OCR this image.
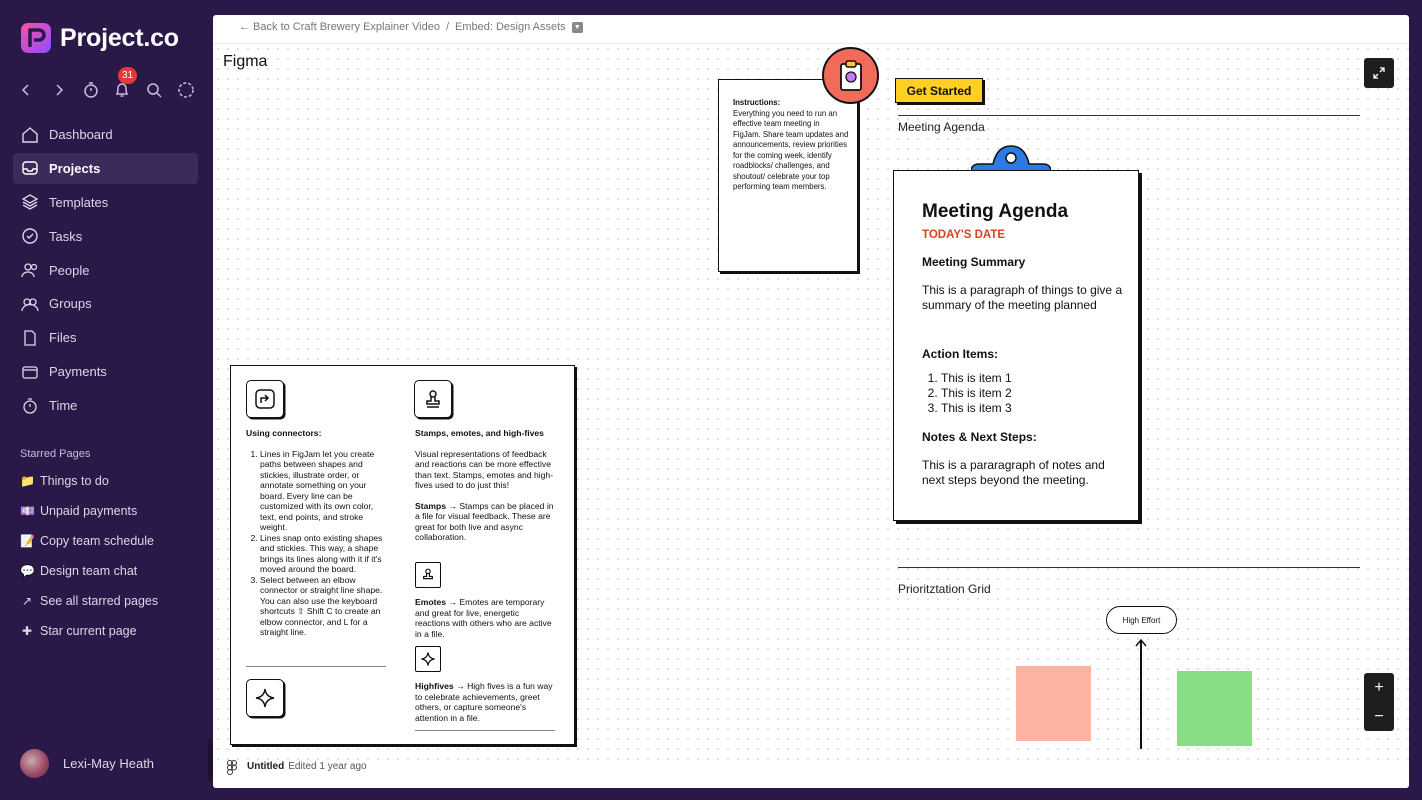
Project.co
31
Dashboard
Projects
Templates
Tasks
People
Groups
Files
Payments
Time
Starred Pages
📁 Things to do
💷 Unpaid payments
📝 Copy team schedule
💬 Design team chat
↗ See all starred pages
✚ Star current page
Lexi-May Heath
← Back to Craft Brewery Explainer Video / Embed: Design Assets ▼
Figma
Instructions:
Everything you need to run an effective team meeting in FigJam. Share team updates and announcements, review priorities for the coming week, identify roadblocks/ challenges, and shoutout/ celebrate your top performing team members.
Get Started
Meeting Agenda
Meeting Agenda
TODAY'S DATE
Meeting Summary

This is a paragraph of things to give a summary of the meeting planned

Action Items:
1. This is item 1
2. This is item 2
3. This is item 3
Notes & Next Steps:

This is a pararagraph of notes and next steps beyond the meeting.

Prioritztation Grid
Using connectors:
1. Lines in FigJam let you create paths between shapes and stickies, illustrate order, or annotate something on your board. Every line can be customized with its own color, text, end points, and stroke weight.
2. Lines snap onto existing shapes and stickies. This way, a shape brings its lines along with it if it's moved around the board.
3. Select between an elbow connector or straight line shape. You can also use the keyboard shortcuts ⇧ Shift C to create an elbow connector, and L for a straight line.
Stamps, emotes, and high-fives
Visual representations of feedback and reactions can be more effective than text. Stamps, emotes and high-fives used to do just this!
Stamps → Stamps can be placed in a file for visual feedback. These are great for both live and async collaboration.
Emotes → Emotes are temporary and great for live, energetic reactions with others who are active in a file.
Highfives → High fives is a fun way to celebrate achievements, greet others, or capture someone's attention in a file.
High Effort
+
−
Untitled Edited 1 year ago
